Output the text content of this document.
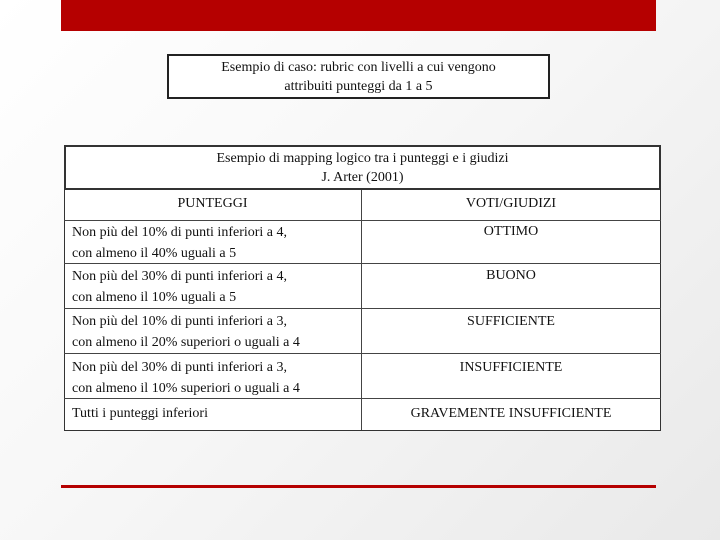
Esempio di caso: rubric con livelli a cui vengono
attribuiti punteggi da 1 a 5
Esempio di mapping logico tra i punteggi e i giudizi
J. Arter (2001)
PUNTEGGI	VOTI/GIUDIZI
Non più del 10% di punti inferiori a 4,
con almeno il 40% uguali a 5
OTTIMO
Non più del 30% di punti inferiori a 4,
con almeno il 10% uguali a 5
BUONO
Non più del 10% di punti inferiori a 3,
con almeno il 20% superiori o uguali a 4
SUFFICIENTE
Non più del 30% di punti inferiori a 3,
con almeno il 10% superiori o uguali a 4
INSUFFICIENTE
Tutti i punteggi inferiori	GRAVEMENTE INSUFFICIENTE
